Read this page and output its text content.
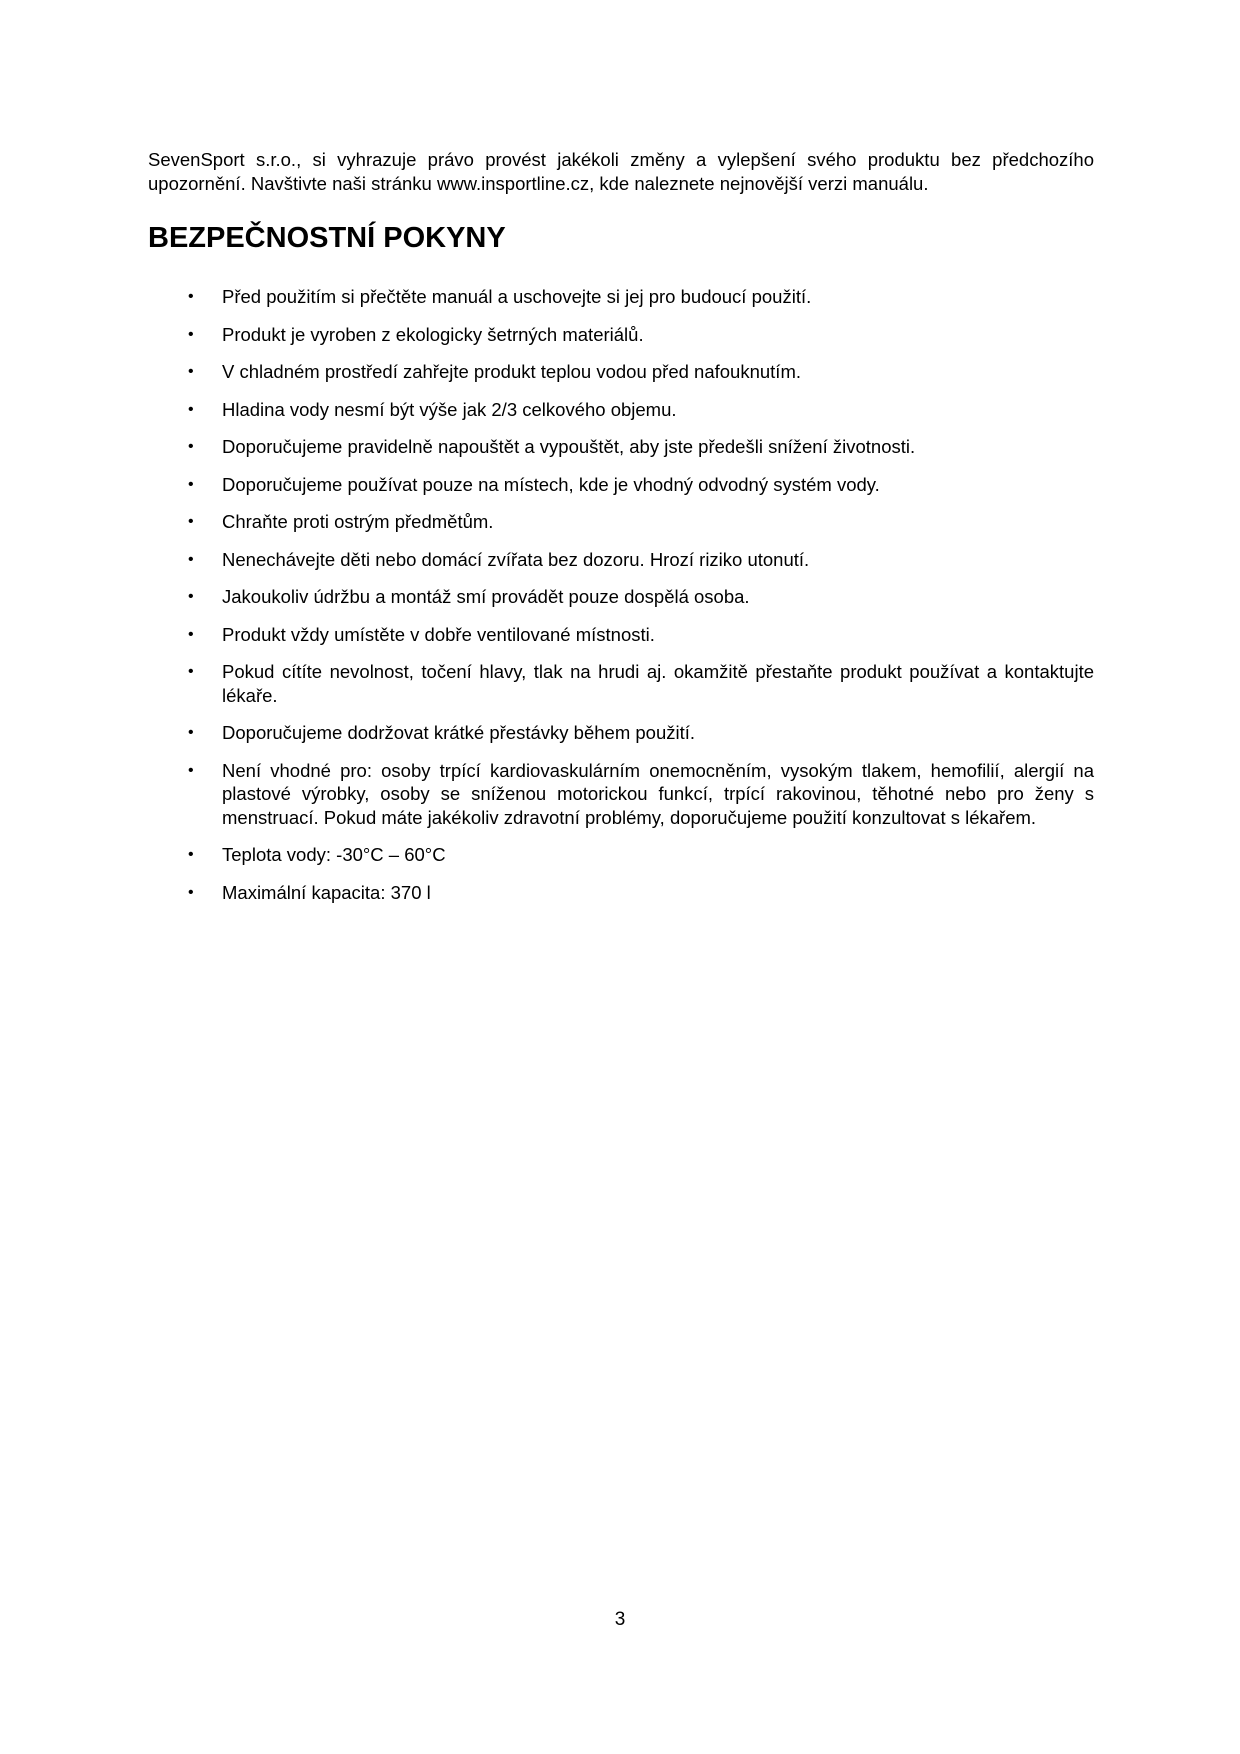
SevenSport s.r.o., si vyhrazuje právo provést jakékoli změny a vylepšení svého produktu bez předchozího upozornění. Navštivte naši stránku www.insportline.cz, kde naleznete nejnovější verzi manuálu.

BEZPEČNOSTNÍ POKYNY
• Před použitím si přečtěte manuál a uschovejte si jej pro budoucí použití.
• Produkt je vyroben z ekologicky šetrných materiálů.
• V chladném prostředí zahřejte produkt teplou vodou před nafouknutím.
• Hladina vody nesmí být výše jak 2/3 celkového objemu.
• Doporučujeme pravidelně napouštět a vypouštět, aby jste předešli snížení životnosti.
• Doporučujeme používat pouze na místech, kde je vhodný odvodný systém vody.
• Chraňte proti ostrým předmětům.
• Nenechávejte děti nebo domácí zvířata bez dozoru. Hrozí riziko utonutí.
• Jakoukoliv údržbu a montáž smí provádět pouze dospělá osoba.
• Produkt vždy umístěte v dobře ventilované místnosti.
• Pokud cítíte nevolnost, točení hlavy, tlak na hrudi aj. okamžitě přestaňte produkt používat a kontaktujte lékaře.
• Doporučujeme dodržovat krátké přestávky během použití.
• Není vhodné pro: osoby trpící kardiovaskulárním onemocněním, vysokým tlakem, hemofilií, alergií na plastové výrobky, osoby se sníženou motorickou funkcí, trpící rakovinou, těhotné nebo pro ženy s menstruací. Pokud máte jakékoliv zdravotní problémy, doporučujeme použití konzultovat s lékařem.
• Teplota vody: -30°C – 60°C
• Maximální kapacita: 370 l
3
